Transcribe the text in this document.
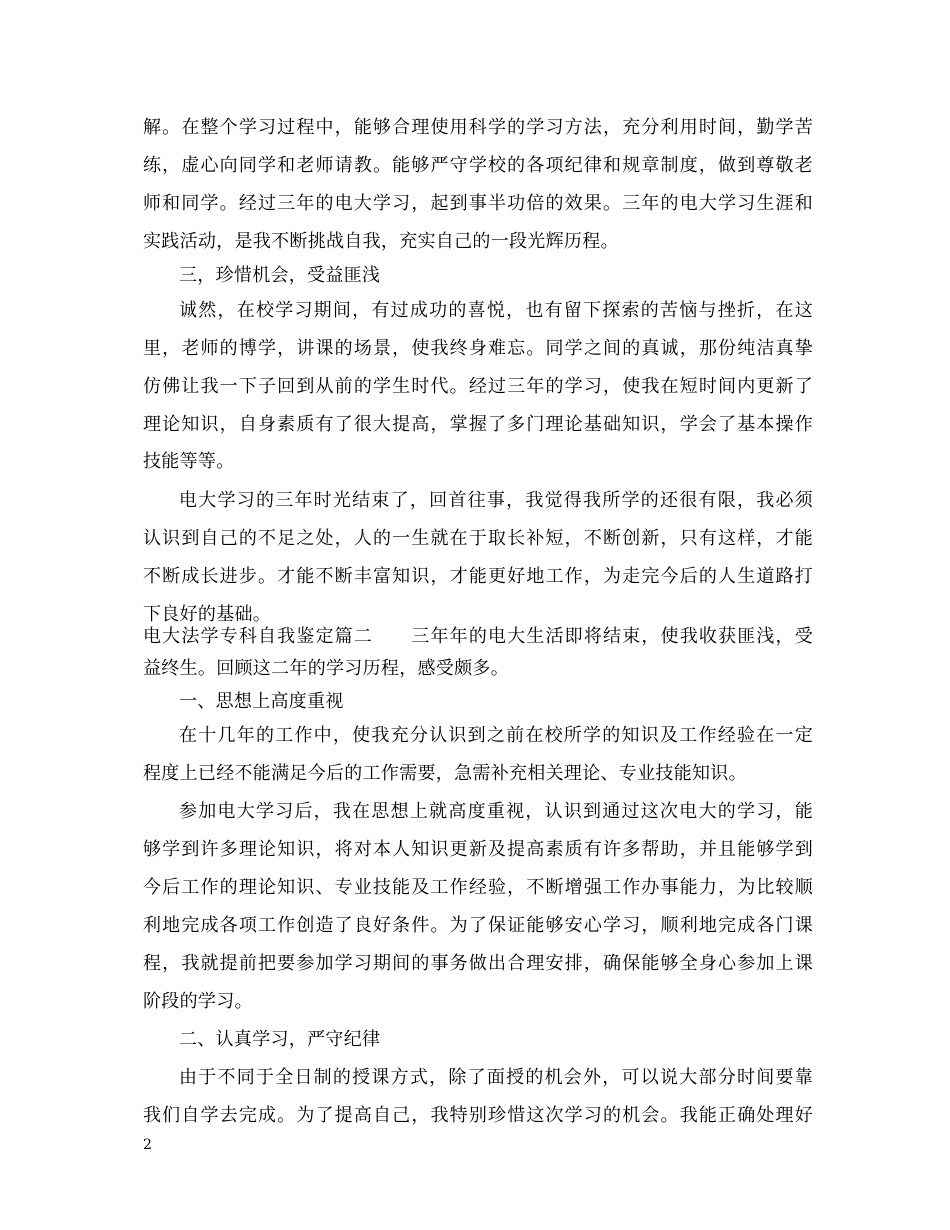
解。在整个学习过程中，能够合理使用科学的学习方法，充分利用时间，勤学苦
练，虚心向同学和老师请教。能够严守学校的各项纪律和规章制度，做到尊敬老
师和同学。经过三年的电大学习，起到事半功倍的效果。三年的电大学习生涯和
实践活动，是我不断挑战自我，充实自己的一段光辉历程。
三，珍惜机会，受益匪浅
诚然，在校学习期间，有过成功的喜悦，也有留下探索的苦恼与挫折，在这
里，老师的博学，讲课的场景，使我终身难忘。同学之间的真诚，那份纯洁真挚
仿佛让我一下子回到从前的学生时代。经过三年的学习，使我在短时间内更新了
理论知识，自身素质有了很大提高，掌握了多门理论基础知识，学会了基本操作
技能等等。
电大学习的三年时光结束了，回首往事，我觉得我所学的还很有限，我必须
认识到自己的不足之处，人的一生就在于取长补短，不断创新，只有这样，才能
不断成长进步。才能不断丰富知识，才能更好地工作，为走完今后的人生道路打
下良好的基础。
电大法学专科自我鉴定篇二　　三年年的电大生活即将结束，使我收获匪浅，受
益终生。回顾这二年的学习历程，感受颇多。
一、思想上高度重视
在十几年的工作中，使我充分认识到之前在校所学的知识及工作经验在一定
程度上已经不能满足今后的工作需要，急需补充相关理论、专业技能知识。
参加电大学习后，我在思想上就高度重视，认识到通过这次电大的学习，能
够学到许多理论知识，将对本人知识更新及提高素质有许多帮助，并且能够学到
今后工作的理论知识、专业技能及工作经验，不断增强工作办事能力，为比较顺
利地完成各项工作创造了良好条件。为了保证能够安心学习，顺利地完成各门课
程，我就提前把要参加学习期间的事务做出合理安排，确保能够全身心参加上课
阶段的学习。
二、认真学习，严守纪律
由于不同于全日制的授课方式，除了面授的机会外，可以说大部分时间要靠
我们自学去完成。为了提高自己，我特别珍惜这次学习的机会。我能正确处理好
2
